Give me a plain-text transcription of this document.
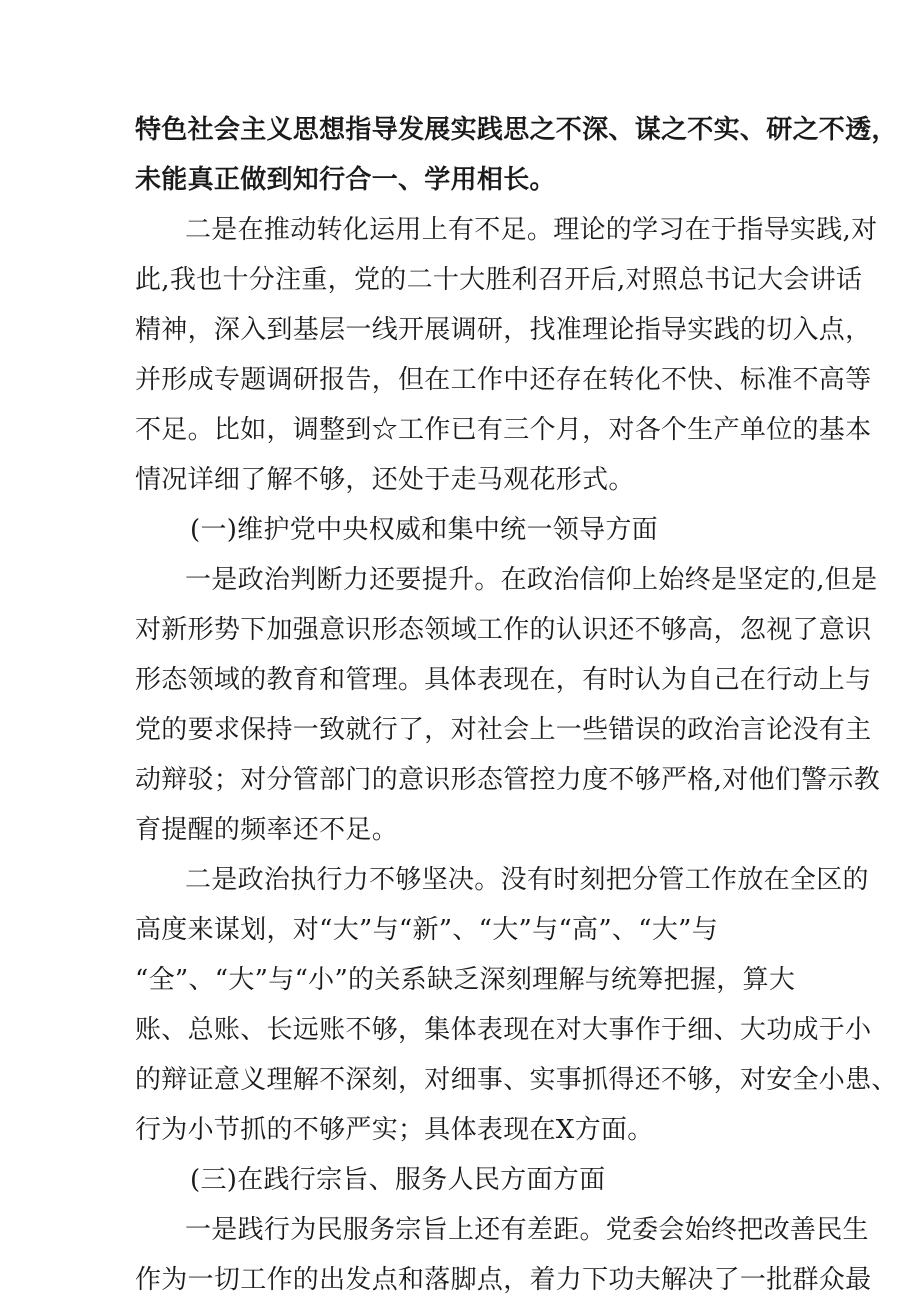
特色社会主义思想指导发展实践思之不深、谋之不实、研之不透，
未能真正做到知行合一、学用相长。
二是在推动转化运用上有不足。理论的学习在于指导实践,对
此,我也十分注重，党的二十大胜利召开后,对照总书记大会讲话
精神，深入到基层一线开展调研，找准理论指导实践的切入点，
并形成专题调研报告，但在工作中还存在转化不快、标准不高等
不足。比如，调整到☆工作已有三个月，对各个生产单位的基本
情况详细了解不够，还处于走马观花形式。
(一)维护党中央权威和集中统一领导方面
一是政治判断力还要提升。在政治信仰上始终是坚定的,但是
对新形势下加强意识形态领域工作的认识还不够高，忽视了意识
形态领域的教育和管理。具体表现在，有时认为自己在行动上与
党的要求保持一致就行了，对社会上一些错误的政治言论没有主
动辩驳；对分管部门的意识形态管控力度不够严格,对他们警示教
育提醒的频率还不足。
二是政治执行力不够坚决。没有时刻把分管工作放在全区的
高度来谋划，对“大”与“新”、“大”与“高”、“大”与
“全”、“大”与“小”的关系缺乏深刻理解与统筹把握，算大
账、总账、长远账不够，集体表现在对大事作于细、大功成于小
的辩证意义理解不深刻，对细事、实事抓得还不够，对安全小患、
行为小节抓的不够严实；具体表现在X方面。
(三)在践行宗旨、服务人民方面方面
一是践行为民服务宗旨上还有差距。党委会始终把改善民生
作为一切工作的出发点和落脚点，着力下功夫解决了一批群众最
